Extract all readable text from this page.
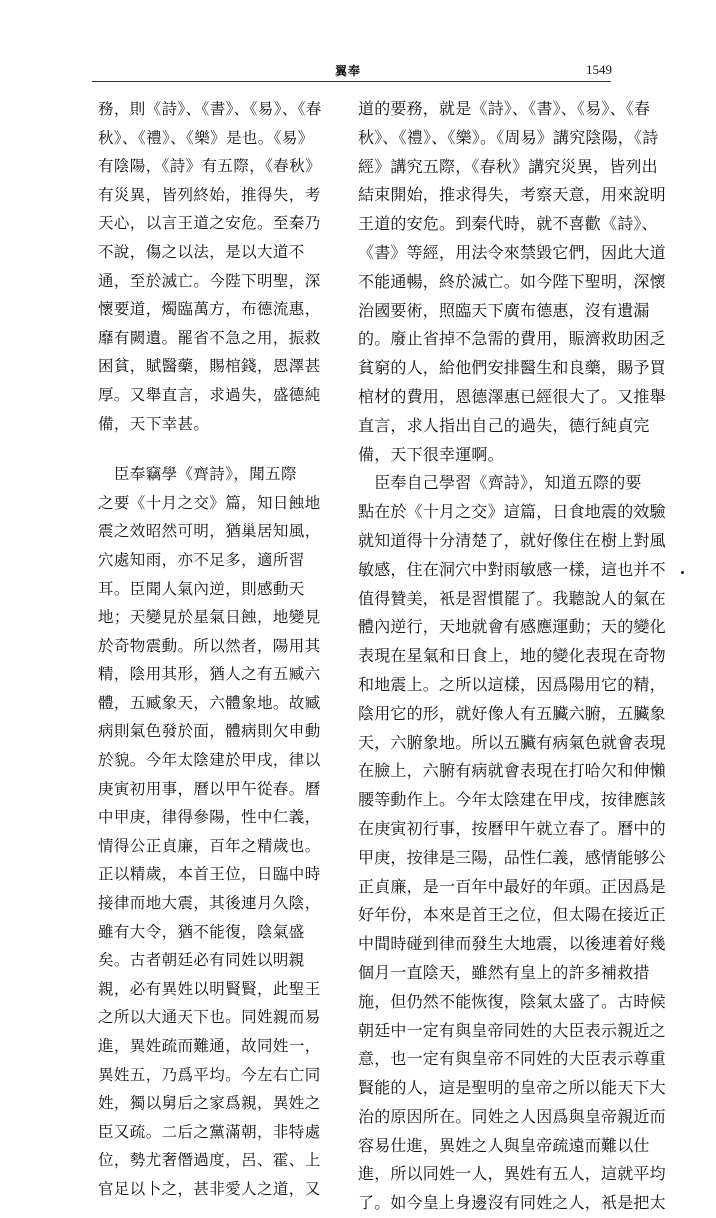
翼奉	1549
務，則《詩》、《書》、《易》、《春
秋》、《禮》、《樂》是也。《易》
有陰陽，《詩》有五際，《春秋》
有災異，皆列終始，推得失，考
天心，以言王道之安危。至秦乃
不說，傷之以法，是以大道不
通，至於滅亡。今陛下明聖，深
懷要道，燭臨萬方，布德流惠，
靡有闕遺。罷省不急之用，振救
困貧，賦醫藥，賜棺錢，恩澤甚
厚。又舉直言，求過失，盛德純
備，天下幸甚。
　臣奉竊學《齊詩》，聞五際
之要《十月之交》篇，知日蝕地
震之效昭然可明，猶巢居知風，
穴處知雨，亦不足多，適所習
耳。臣聞人氣內逆，則感動天
地；天變見於星氣日蝕，地變見
於奇物震動。所以然者，陽用其
精，陰用其形，猶人之有五臧六
體，五臧象天，六體象地。故臧
病則氣色發於面，體病則欠申動
於貌。今年太陰建於甲戌，律以
庚寅初用事，曆以甲午從春。曆
中甲庚，律得參陽，性中仁義，
情得公正貞廉，百年之精歲也。
正以精歲，本首王位，日臨中時
接律而地大震，其後連月久陰，
雖有大令，猶不能復，陰氣盛
矣。古者朝廷必有同姓以明親
親，必有異姓以明賢賢，此聖王
之所以大通天下也。同姓親而易
進，異姓疏而難通，故同姓一，
異姓五，乃爲平均。今左右亡同
姓，獨以舅后之家爲親，異姓之
臣又疏。二后之黨滿朝，非特處
位，勢尤奢僭過度，呂、霍、上
官足以卜之，甚非愛人之道，又
道的要務，就是《詩》、《書》、《易》、《春
秋》、《禮》、《樂》。《周易》講究陰陽，《詩
經》講究五際，《春秋》講究災異，皆列出
結束開始，推求得失，考察天意，用來說明
王道的安危。到秦代時，就不喜歡《詩》、
《書》等經，用法令來禁毀它們，因此大道
不能通暢，終於滅亡。如今陛下聖明，深懷
治國要術，照臨天下廣布德惠，沒有遺漏
的。廢止省掉不急需的費用，賑濟救助困乏
貧窮的人，給他們安排醫生和良藥，賜予買
棺材的費用，恩德澤惠已經很大了。又推舉
直言，求人指出自己的過失，德行純貞完
備，天下很幸運啊。
　臣奉自己學習《齊詩》，知道五際的要
點在於《十月之交》這篇，日食地震的效驗
就知道得十分清楚了，就好像住在樹上對風
敏感，住在洞穴中對雨敏感一樣，這也并不
值得贊美，衹是習慣罷了。我聽說人的氣在
體內逆行，天地就會有感應運動；天的變化
表現在星氣和日食上，地的變化表現在奇物
和地震上。之所以這樣，因爲陽用它的精，
陰用它的形，就好像人有五臟六腑，五臟象
天，六腑象地。所以五臟有病氣色就會表現
在臉上，六腑有病就會表現在打哈欠和伸懶
腰等動作上。今年太陰建在甲戌，按律應該
在庚寅初行事，按曆甲午就立春了。曆中的
甲庚，按律是三陽，品性仁義，感情能够公
正貞廉，是一百年中最好的年頭。正因爲是
好年份，本來是首王之位，但太陽在接近正
中間時碰到律而發生大地震，以後連着好幾
個月一直陰天，雖然有皇上的許多補救措
施，但仍然不能恢復，陰氣太盛了。古時候
朝廷中一定有與皇帝同姓的大臣表示親近之
意，也一定有與皇帝不同姓的大臣表示尊重
賢能的人，這是聖明的皇帝之所以能天下大
治的原因所在。同姓之人因爲與皇帝親近而
容易仕進，異姓之人與皇帝疏遠而難以仕
進，所以同姓一人，異姓有五人，這就平均
了。如今皇上身邊沒有同姓之人，衹是把太
